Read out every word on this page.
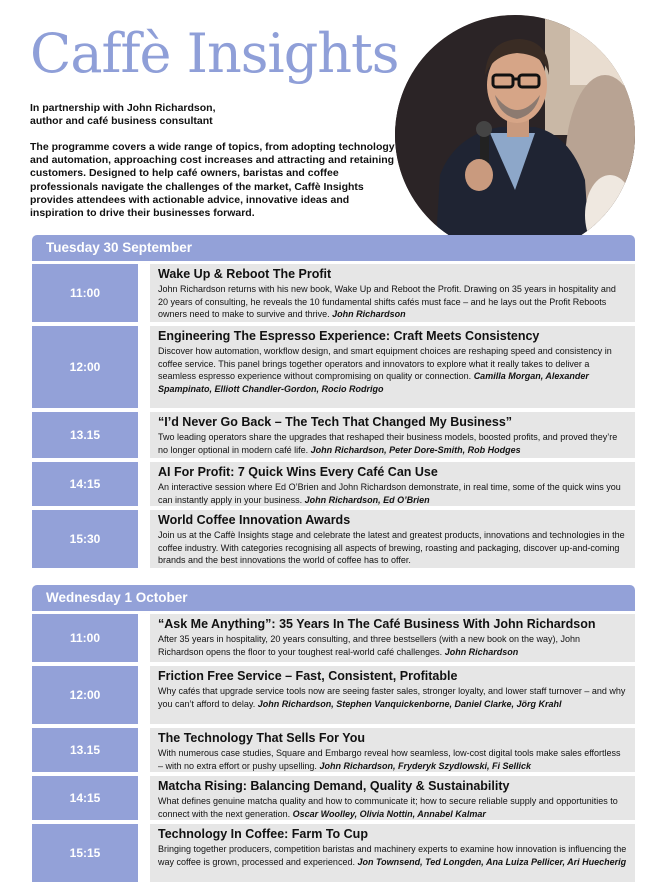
Caffè Insights
In partnership with John Richardson,
author and café business consultant
The programme covers a wide range of topics, from adopting technology and automation, approaching cost increases and attracting and retaining customers. Designed to help café owners, baristas and coffee professionals navigate the challenges of the market, Caffè Insights provides attendees with actionable advice, innovative ideas and inspiration to drive their businesses forward.
Tuesday 30 September
11:00
Wake Up & Reboot The Profit
John Richardson returns with his new book, Wake Up and Reboot the Profit. Drawing on 35 years in hospitality and 20 years of consulting, he reveals the 10 fundamental shifts cafés must face – and he lays out the Profit Reboots owners need to make to survive and thrive. John Richardson
12:00
Engineering The Espresso Experience: Craft Meets Consistency
Discover how automation, workflow design, and smart equipment choices are reshaping speed and consistency in coffee service. This panel brings together operators and innovators to explore what it really takes to deliver a seamless espresso experience without compromising on quality or connection. Camilla Morgan, Alexander Spampinato, Elliott Chandler-Gordon, Rocio Rodrigo
13.15
“I’d Never Go Back – The Tech That Changed My Business”
Two leading operators share the upgrades that reshaped their business models, boosted profits, and proved they’re no longer optional in modern café life. John Richardson, Peter Dore-Smith, Rob Hodges
14:15
AI For Profit: 7 Quick Wins Every Café Can Use
An interactive session where Ed O’Brien and John Richardson demonstrate, in real time, some of the quick wins you can instantly apply in your business. John Richardson, Ed O’Brien
15:30
World Coffee Innovation Awards
Join us at the Caffè Insights stage and celebrate the latest and greatest products, innovations and technologies in the coffee industry. With categories recognising all aspects of brewing, roasting and packaging, discover up-and-coming brands and the best innovations the world of coffee has to offer.
Wednesday 1 October
11:00
“Ask Me Anything”: 35 Years In The Café Business With John Richardson
After 35 years in hospitality, 20 years consulting, and three bestsellers (with a new book on the way), John Richardson opens the floor to your toughest real-world café challenges. John Richardson
12:00
Friction Free Service – Fast, Consistent, Profitable
Why cafés that upgrade service tools now are seeing faster sales, stronger loyalty, and lower staff turnover – and why you can’t afford to delay. John Richardson, Stephen Vanquickenborne, Daniel Clarke, Jörg Krahl
13.15
The Technology That Sells For You
With numerous case studies, Square and Embargo reveal how seamless, low-cost digital tools make sales effortless – with no extra effort or pushy upselling. John Richardson, Fryderyk Szydlowski, Fi Sellick
14:15
Matcha Rising: Balancing Demand, Quality & Sustainability
What defines genuine matcha quality and how to communicate it; how to secure reliable supply and opportunities to connect with the next generation. Oscar Woolley, Olivia Nottin, Annabel Kalmar
15:15
Technology In Coffee: Farm To Cup
Bringing together producers, competition baristas and machinery experts to examine how innovation is influencing the way coffee is grown, processed and experienced. Jon Townsend, Ted Longden, Ana Luiza Pellicer, Ari Huecherig
